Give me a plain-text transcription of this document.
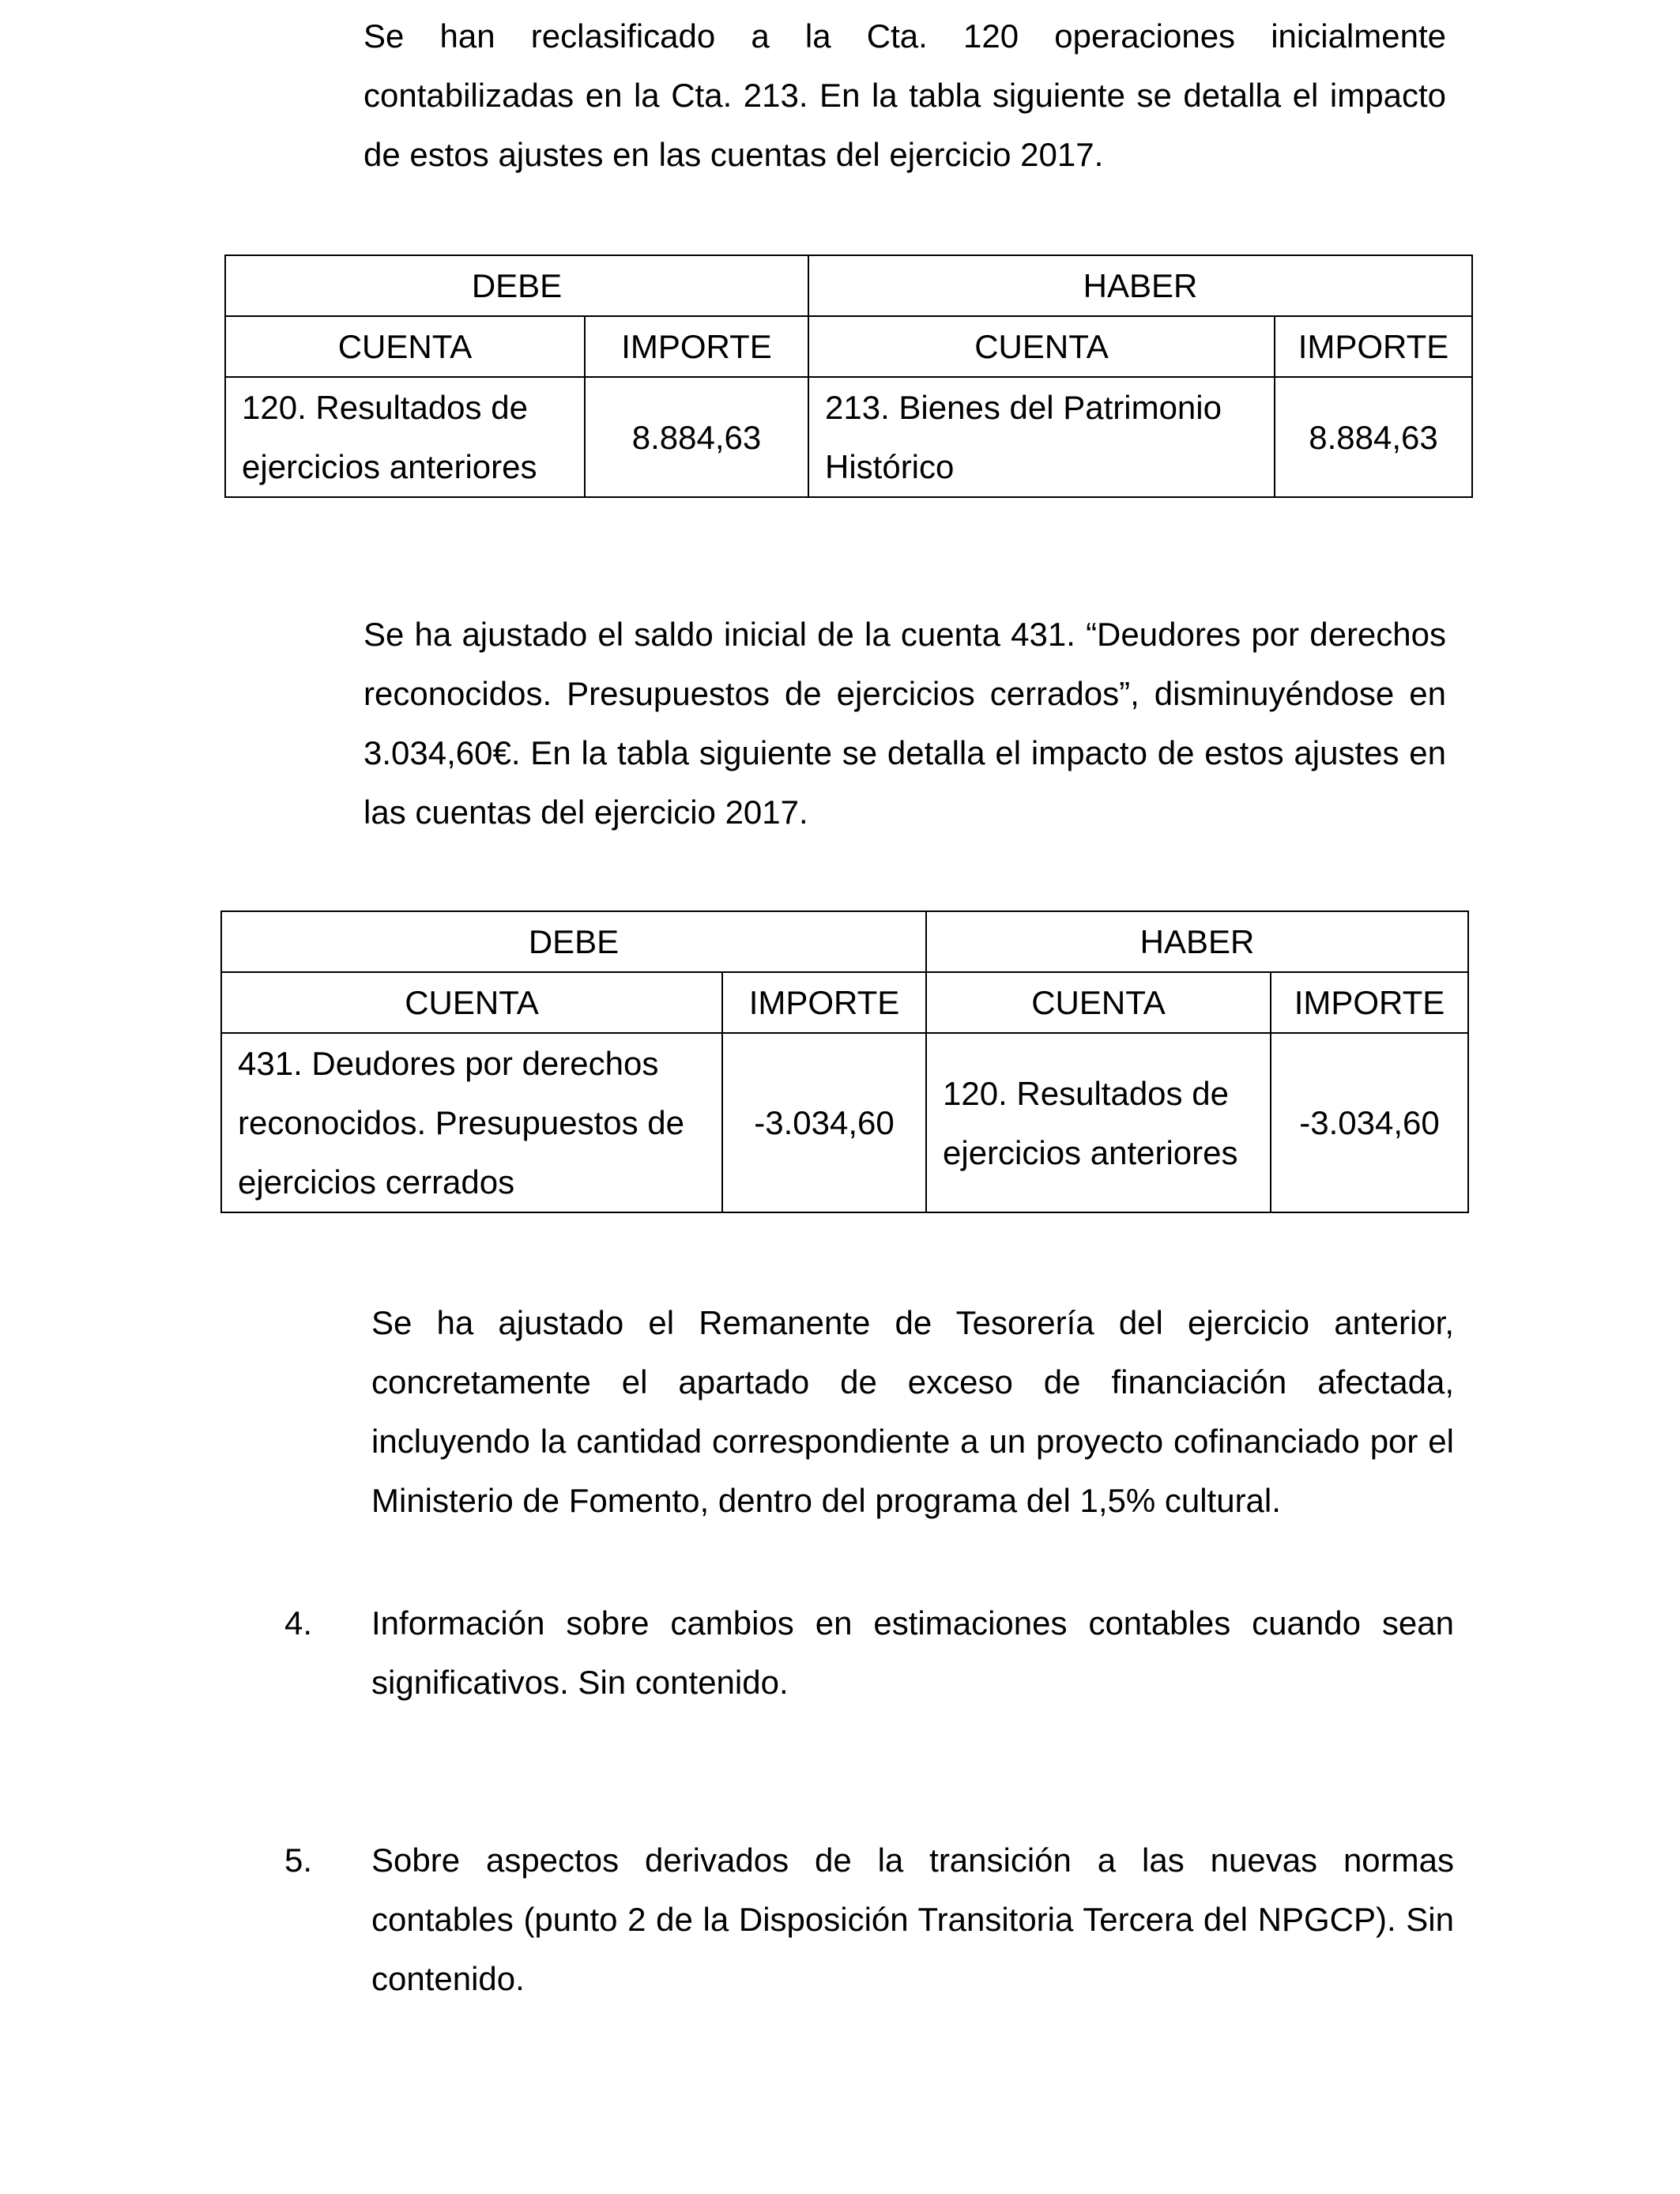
Se han reclasificado a la Cta. 120 operaciones inicialmente contabilizadas en la Cta. 213. En la tabla siguiente se detalla el impacto de estos ajustes en las cuentas del ejercicio 2017.

DEBE		HABER	
CUENTA	IMPORTE	CUENTA	IMPORTE
120. Resultados de ejercicios anteriores	8.884,63	213. Bienes del Patrimonio Histórico	8.884,63

Se ha ajustado el saldo inicial de la cuenta 431. “Deudores por derechos reconocidos. Presupuestos de ejercicios cerrados”, disminuyéndose en 3.034,60€. En la tabla siguiente se detalla el impacto de estos ajustes en las cuentas del ejercicio 2017.

DEBE		HABER	
CUENTA	IMPORTE	CUENTA	IMPORTE
431. Deudores por derechos reconocidos. Presupuestos de ejercicios cerrados	-3.034,60	120. Resultados de ejercicios anteriores	-3.034,60

Se ha ajustado el Remanente de Tesorería del ejercicio anterior, concretamente el apartado de exceso de financiación afectada, incluyendo la cantidad correspondiente a un proyecto cofinanciado por el Ministerio de Fomento, dentro del programa del 1,5% cultural.

4. Información sobre cambios en estimaciones contables cuando sean significativos. Sin contenido.

5. Sobre aspectos derivados de la transición a las nuevas normas contables (punto 2 de la Disposición Transitoria Tercera del NPGCP). Sin contenido.
